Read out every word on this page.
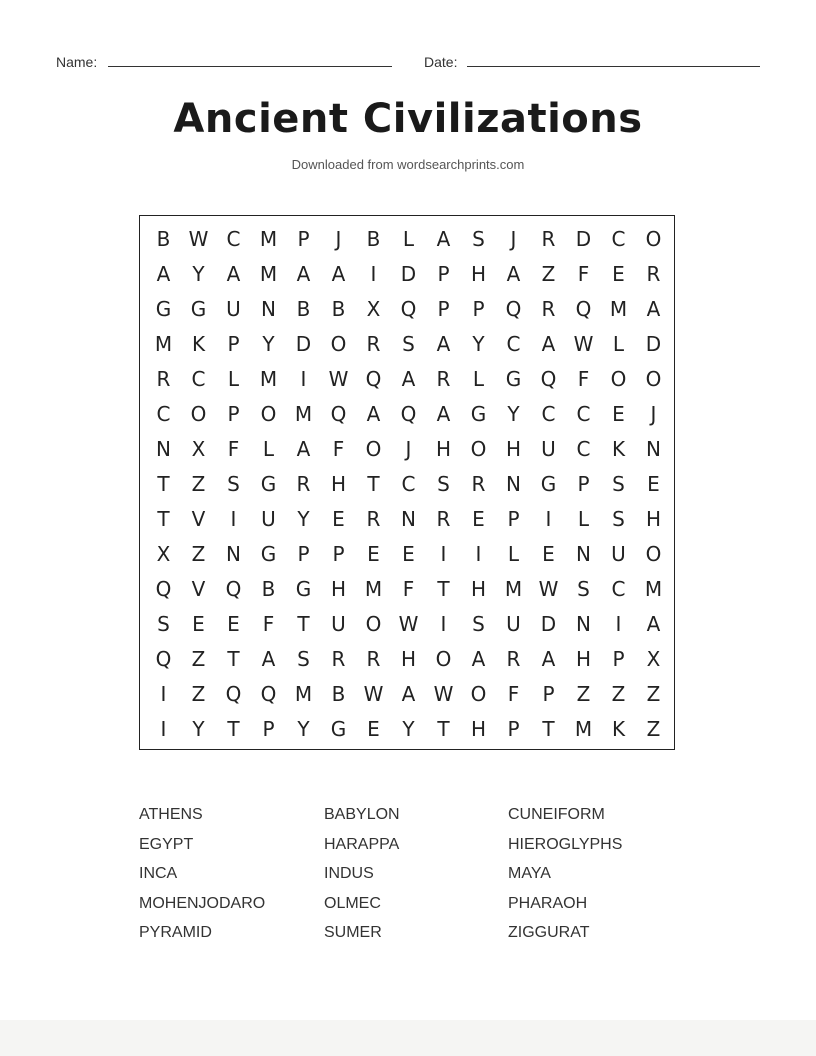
Name:	Date:
Ancient Civilizations
Downloaded from wordsearchprints.com
B W C M	P	J	B	L	A	S	J	R	D	C	O
A	Y	A M A	A	I	D	P	H	A	Z	F	E	R
G G U	N	B	B	X	Q	P	P	Q	R	Q M A
M K	P	Y	D O	R	S	A	Y	C	A W L	D
R	C	L	M	I	W Q	A	R	L	G Q	F	O O
C	O	P	O M Q	A	Q	A	G	Y	C	C	E	J
N	X	F	L	A	F	O	J	H O H	U	C	K	N
T	Z	S	G	R	H	T	C	S	R	N G	P	S	E
T	V	I	U	Y	E	R	N	R	E	P	I	L	S	H
X	Z	N G	P	P	E	E	I	I	L	E	N	U O
Q	V	Q	B	G H M	F	T	H M W S	C M
S	E	E	F	T	U O W	I	S	U D N	I	A
Q	Z	T	A	S	R	R	H O	A	R	A	H	P	X
I	Z	Q Q M B W A W O	F	P	Z	Z	Z
I	Y	T	P	Y	G	E	Y	T	H	P	T	M K	Z
ATHENS	BABYLON	CUNEIFORM
EGYPT	HARAPPA	HIEROGLYPHS
INCA	INDUS	MAYA
MOHENJODARO	OLMEC	PHARAOH
PYRAMID	SUMER	ZIGGURAT
